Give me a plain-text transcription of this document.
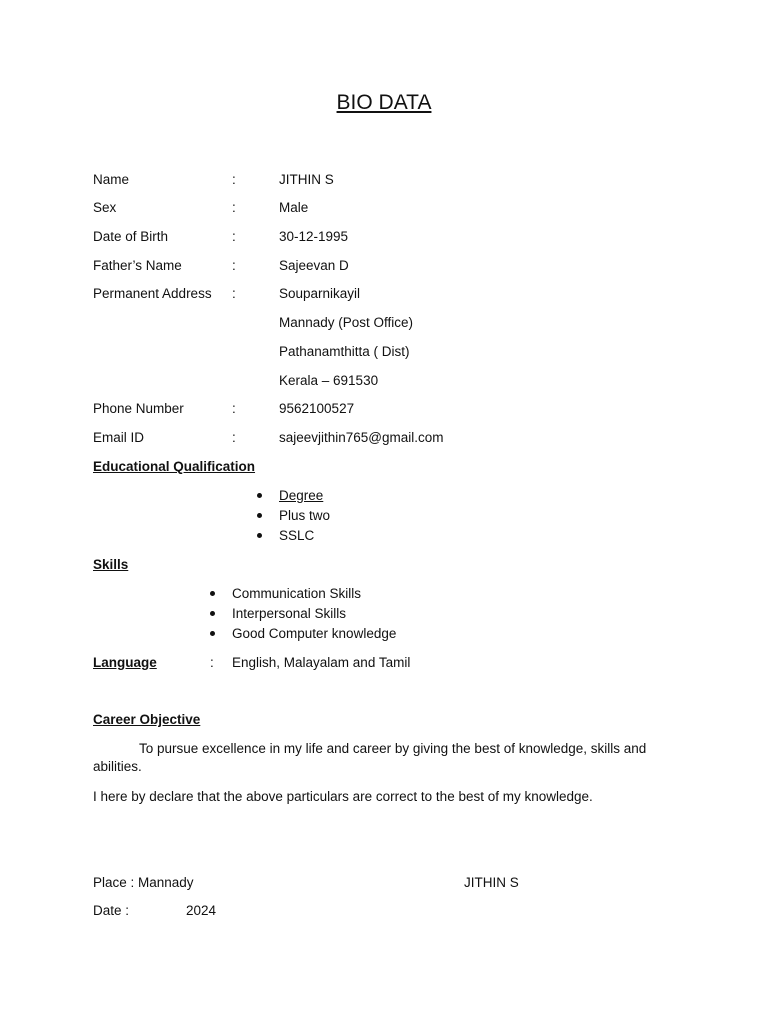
BIO DATA
Name	:	JITHIN S
Sex	:	Male
Date of Birth	:	30-12-1995
Father’s Name	:	Sajeevan D
Permanent Address :	Souparnikayil
Mannady (Post Office)
Pathanamthitta ( Dist)
Kerala – 691530
Phone Number	:	9562100527
Email ID	:	sajeevjithin765@gmail.com
Educational Qualification
Degree
Plus two
SSLC
Skills
Communication Skills
Interpersonal Skills
Good Computer knowledge
Language	: English, Malayalam and Tamil
Career Objective
To pursue excellence in my life and career by giving the best of knowledge, skills and abilities.
I here by declare that the above particulars are correct to the best of my knowledge.
Place : Mannady	JITHIN S
Date :	2024
